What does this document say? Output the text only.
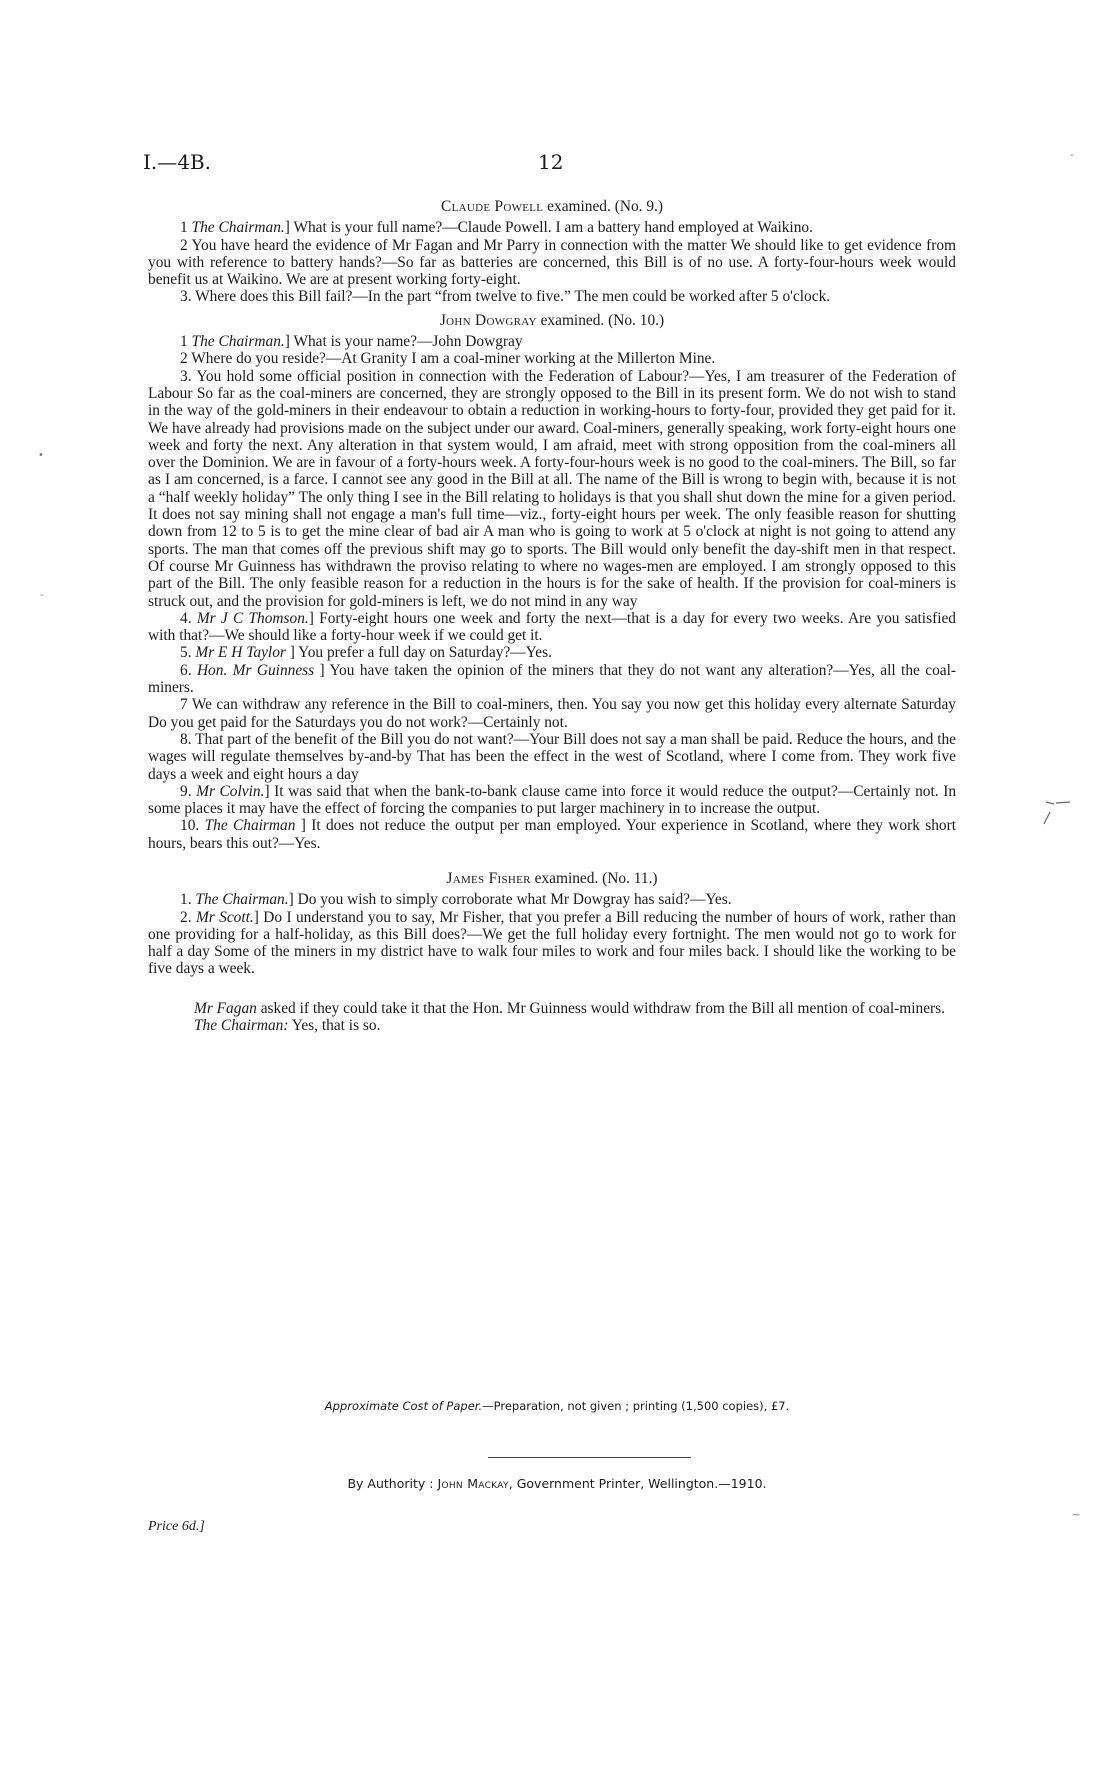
I.—4B.	12

Claude Powell examined. (No. 9.)

1 The Chairman.] What is your full name?—Claude Powell. I am a battery hand employed at Waikino.

2 You have heard the evidence of Mr Fagan and Mr Parry in connection with the matter We should like to get evidence from you with reference to battery hands?—So far as batteries are concerned, this Bill is of no use. A forty-four-hours week would benefit us at Waikino. We are at present working forty-eight.

3. Where does this Bill fail?—In the part “from twelve to five.” The men could be worked after 5 o'clock.

John Dowgray examined. (No. 10.)

1 The Chairman.] What is your name?—John Dowgray

2 Where do you reside?—At Granity I am a coal-miner working at the Millerton Mine.

3. You hold some official position in connection with the Federation of Labour?—Yes, I am treasurer of the Federation of Labour So far as the coal-miners are concerned, they are strongly opposed to the Bill in its present form. We do not wish to stand in the way of the gold-miners in their endeavour to obtain a reduction in working-hours to forty-four, provided they get paid for it. We have already had provisions made on the subject under our award. Coal-miners, generally speaking, work forty-eight hours one week and forty the next. Any alteration in that system would, I am afraid, meet with strong opposition from the coal-miners all over the Dominion. We are in favour of a forty-hours week. A forty-four-hours week is no good to the coal-miners. The Bill, so far as I am concerned, is a farce. I cannot see any good in the Bill at all. The name of the Bill is wrong to begin with, because it is not a “half weekly holiday” The only thing I see in the Bill relating to holidays is that you shall shut down the mine for a given period. It does not say mining shall not engage a man's full time—viz., forty-eight hours per week. The only feasible reason for shutting down from 12 to 5 is to get the mine clear of bad air A man who is going to work at 5 o'clock at night is not going to attend any sports. The man that comes off the previous shift may go to sports. The Bill would only benefit the day-shift men in that respect. Of course Mr Guinness has withdrawn the proviso relating to where no wages-men are employed. I am strongly opposed to this part of the Bill. The only feasible reason for a reduction in the hours is for the sake of health. If the provision for coal-miners is struck out, and the provision for gold-miners is left, we do not mind in any way

4. Mr J C Thomson.] Forty-eight hours one week and forty the next—that is a day for every two weeks. Are you satisfied with that?—We should like a forty-hour week if we could get it.

5. Mr E H Taylor ] You prefer a full day on Saturday?—Yes.

6. Hon. Mr Guinness ] You have taken the opinion of the miners that they do not want any alteration?—Yes, all the coal-miners.

7 We can withdraw any reference in the Bill to coal-miners, then. You say you now get this holiday every alternate Saturday Do you get paid for the Saturdays you do not work?—Certainly not.

8. That part of the benefit of the Bill you do not want?—Your Bill does not say a man shall be paid. Reduce the hours, and the wages will regulate themselves by-and-by That has been the effect in the west of Scotland, where I come from. They work five days a week and eight hours a day

9. Mr Colvin.] It was said that when the bank-to-bank clause came into force it would reduce the output?—Certainly not. In some places it may have the effect of forcing the companies to put larger machinery in to increase the output.

10. The Chairman ] It does not reduce the output per man employed. Your experience in Scotland, where they work short hours, bears this out?—Yes.

James Fisher examined. (No. 11.)

1. The Chairman.] Do you wish to simply corroborate what Mr Dowgray has said?—Yes.

2. Mr Scott.] Do I understand you to say, Mr Fisher, that you prefer a Bill reducing the number of hours of work, rather than one providing for a half-holiday, as this Bill does?—We get the full holiday every fortnight. The men would not go to work for half a day Some of the miners in my district have to walk four miles to work and four miles back. I should like the working to be five days a week.

Mr Fagan asked if they could take it that the Hon. Mr Guinness would withdraw from the Bill all mention of coal-miners.

The Chairman: Yes, that is so.

Approximate Cost of Paper.—Preparation, not given ; printing (1,500 copies), £7.
By Authority : John Mackay, Government Printer, Wellington.—1910.
Price 6d.]
•
-
-
~
